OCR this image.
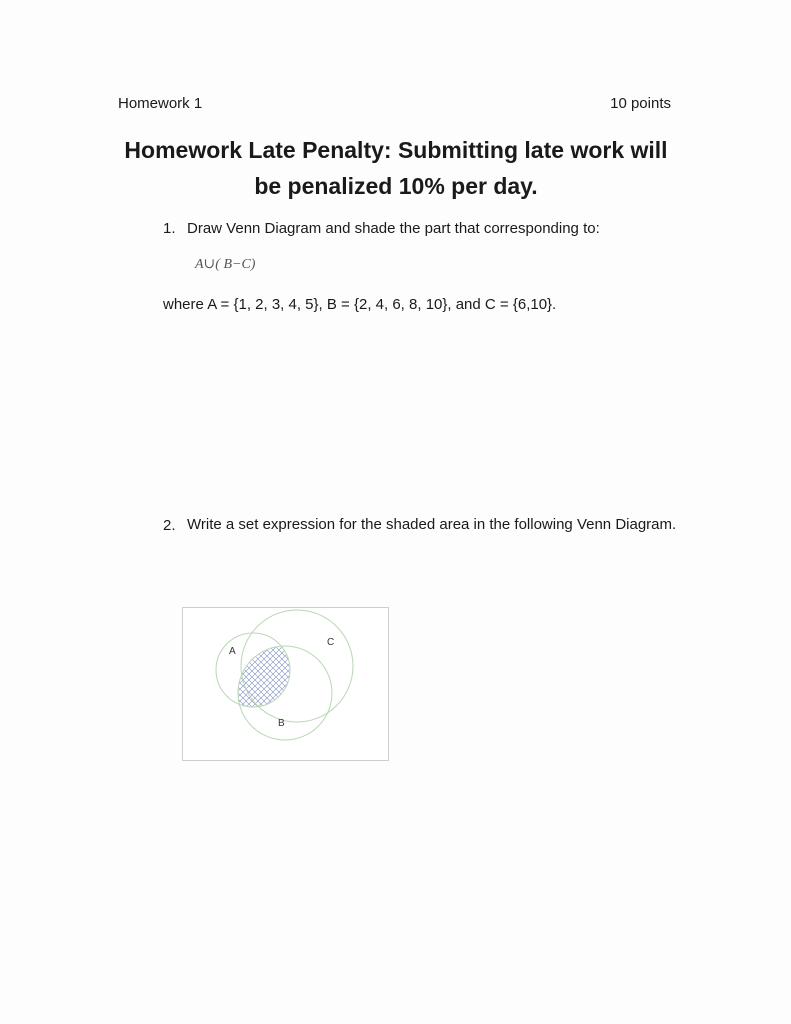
Homework 1	10 points
Homework Late Penalty: Submitting late work will
be penalized 10% per day.
1. Draw Venn Diagram and shade the part that corresponding to:
A∪( B−C)
where A = {1, 2, 3, 4, 5}, B = {2, 4, 6, 8, 10}, and C = {6,10}.
2. Write a set expression for the shaded area in the following Venn Diagram.
A
C
B
